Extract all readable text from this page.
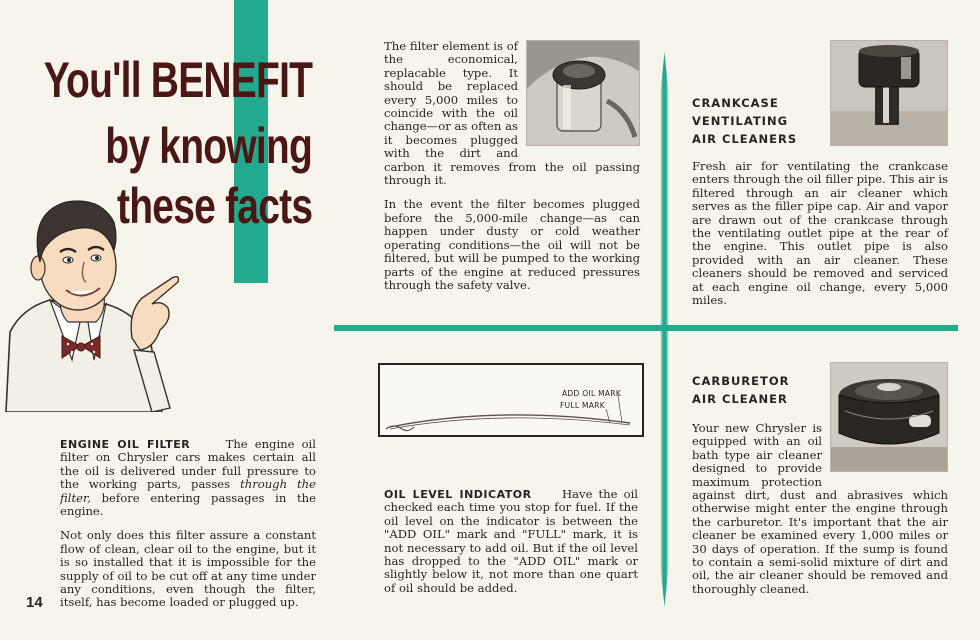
You'll BENEFIT
by knowing
these facts

ENGINE OIL FILTER	The engine oil filter on Chrysler cars makes certain all the oil is delivered under full pressure to the working parts, passes through the filter, before entering passages in the engine.

Not only does this filter assure a constant flow of clean, clear oil to the engine, but it is so installed that it is impossible for the supply of oil to be cut off at any time under any conditions, even though the filter, itself, has become loaded or plugged up.

14

The filter element is of the economical, replacable type. It should be replaced every 5,000 miles to coincide with the oil change—or as often as it becomes plugged with the dirt and carbon it removes from the oil passing through it.

In the event the filter becomes plugged before the 5,000-mile change—as can happen under dusty or cold weather operating conditions—the oil will not be filtered, but will be pumped to the working parts of the engine at reduced pressures through the safety valve.

CRANKCASE
VENTILATING
AIR CLEANERS

Fresh air for ventilating the crankcase enters through the oil filler pipe. This air is filtered through an air cleaner which serves as the filler pipe cap. Air and vapor are drawn out of the crankcase through the ventilating outlet pipe at the rear of the engine. This outlet pipe is also provided with an air cleaner. These cleaners should be removed and serviced at each engine oil change, every 5,000 miles.

ADD OIL MARK
FULL MARK

OIL LEVEL INDICATOR	Have the oil checked each time you stop for fuel. If the oil level on the indicator is between the "ADD OIL" mark and "FULL" mark, it is not necessary to add oil. But if the oil level has dropped to the "ADD OIL" mark or slightly below it, not more than one quart of oil should be added.

CARBURETOR
AIR CLEANER

Your new Chrysler is equipped with an oil bath type air cleaner designed to provide maximum protection against dirt, dust and abrasives which otherwise might enter the engine through the carburetor. It's important that the air cleaner be examined every 1,000 miles or 30 days of operation. If the sump is found to contain a semi-solid mixture of dirt and oil, the air cleaner should be removed and thoroughly cleaned.
